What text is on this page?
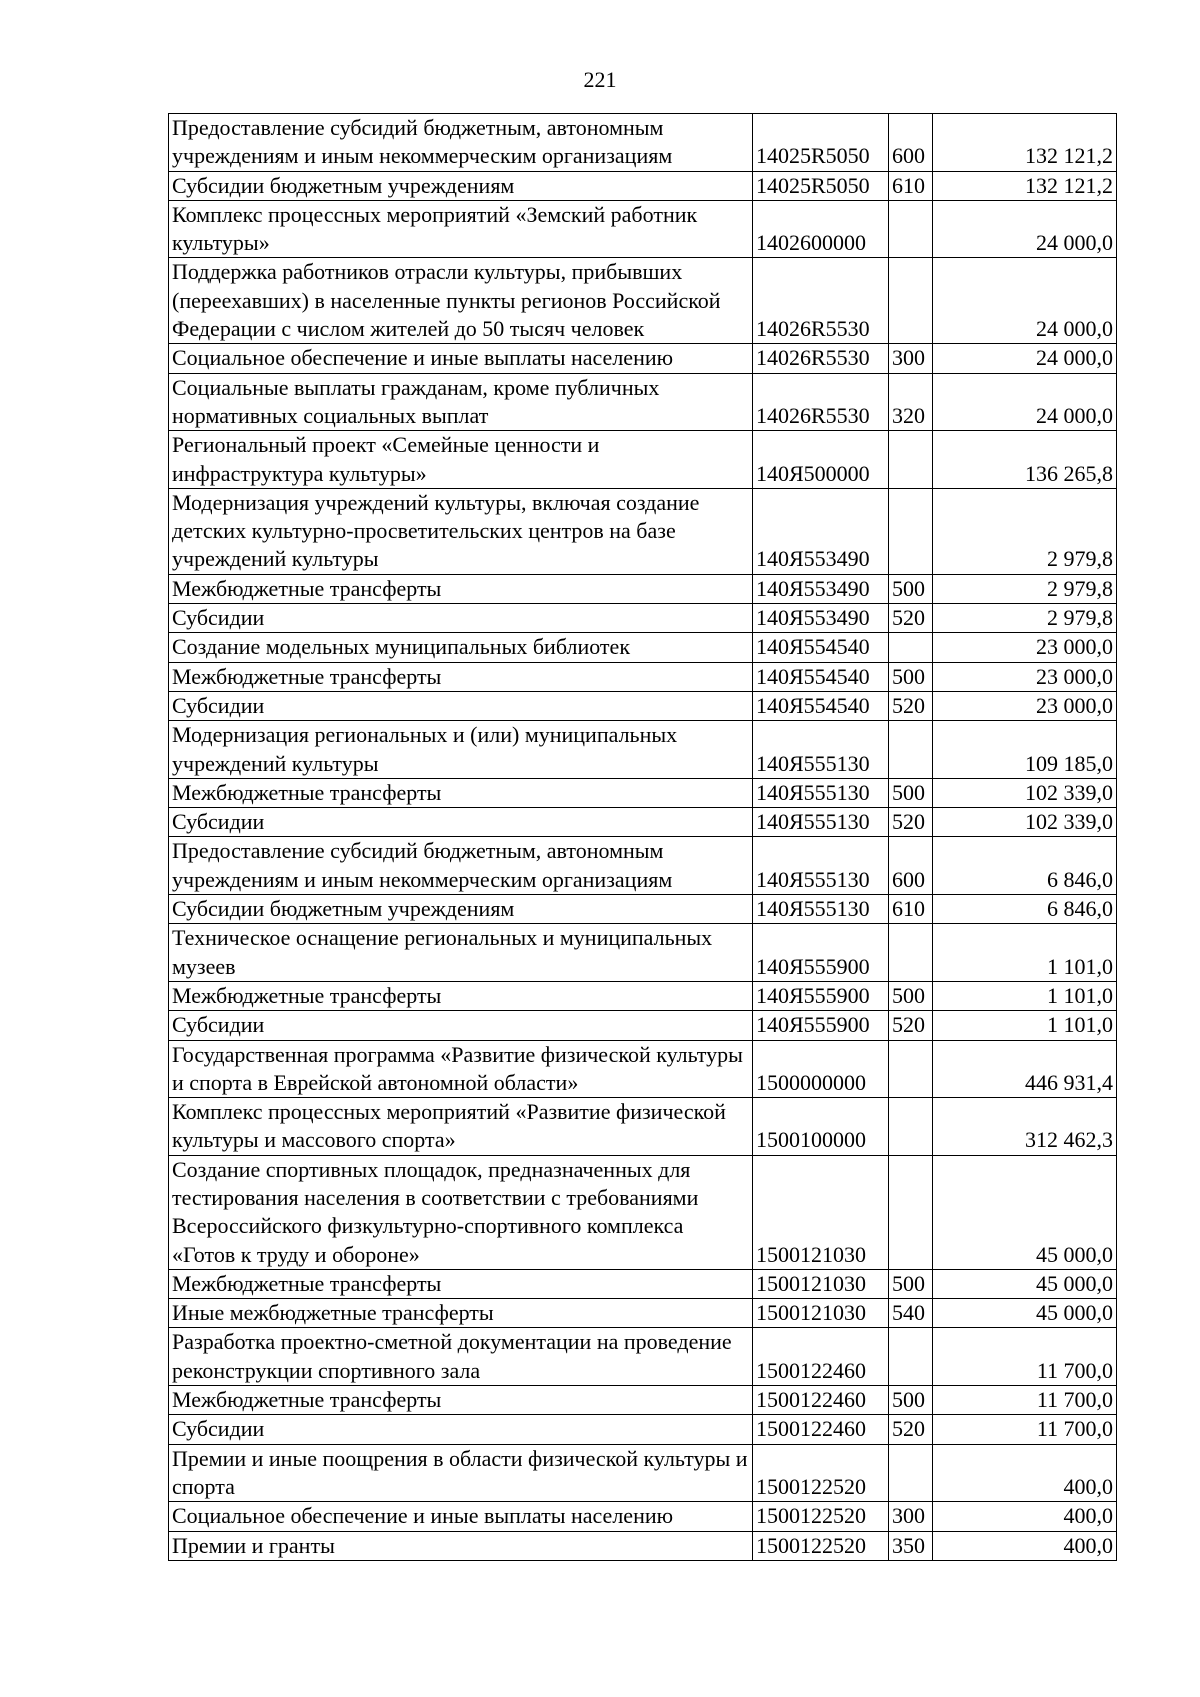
221
Предоставление субсидий бюджетным, автономным учреждениям и иным некоммерческим организациям	14025R5050	600	132 121,2
Субсидии бюджетным учреждениям	14025R5050	610	132 121,2
Комплекс процессных мероприятий «Земский работник культуры»	1402600000		24 000,0
Поддержка работников отрасли культуры, прибывших (переехавших) в населенные пункты регионов Российской Федерации с числом жителей до 50 тысяч человек	14026R5530		24 000,0
Социальное обеспечение и иные выплаты населению	14026R5530	300	24 000,0
Социальные выплаты гражданам, кроме публичных нормативных социальных выплат	14026R5530	320	24 000,0
Региональный проект «Семейные ценности и инфраструктура культуры»	140Я500000		136 265,8
Модернизация учреждений культуры, включая создание детских культурно-просветительских центров на базе учреждений культуры	140Я553490		2 979,8
Межбюджетные трансферты	140Я553490	500	2 979,8
Субсидии	140Я553490	520	2 979,8
Создание модельных муниципальных библиотек	140Я554540		23 000,0
Межбюджетные трансферты	140Я554540	500	23 000,0
Субсидии	140Я554540	520	23 000,0
Модернизация региональных и (или) муниципальных учреждений культуры	140Я555130		109 185,0
Межбюджетные трансферты	140Я555130	500	102 339,0
Субсидии	140Я555130	520	102 339,0
Предоставление субсидий бюджетным, автономным учреждениям и иным некоммерческим организациям	140Я555130	600	6 846,0
Субсидии бюджетным учреждениям	140Я555130	610	6 846,0
Техническое оснащение региональных и муниципальных музеев	140Я555900		1 101,0
Межбюджетные трансферты	140Я555900	500	1 101,0
Субсидии	140Я555900	520	1 101,0
Государственная программа «Развитие физической культуры и спорта в Еврейской автономной области»	1500000000		446 931,4
Комплекс процессных мероприятий «Развитие физической культуры и массового спорта»	1500100000		312 462,3
Создание спортивных площадок, предназначенных для тестирования населения в соответствии с требованиями Всероссийского физкультурно-спортивного комплекса «Готов к труду и обороне»	1500121030		45 000,0
Межбюджетные трансферты	1500121030	500	45 000,0
Иные межбюджетные трансферты	1500121030	540	45 000,0
Разработка проектно-сметной документации на проведение реконструкции спортивного зала	1500122460		11 700,0
Межбюджетные трансферты	1500122460	500	11 700,0
Субсидии	1500122460	520	11 700,0
Премии и иные поощрения в области физической культуры и спорта	1500122520		400,0
Социальное обеспечение и иные выплаты населению	1500122520	300	400,0
Премии и гранты	1500122520	350	400,0
